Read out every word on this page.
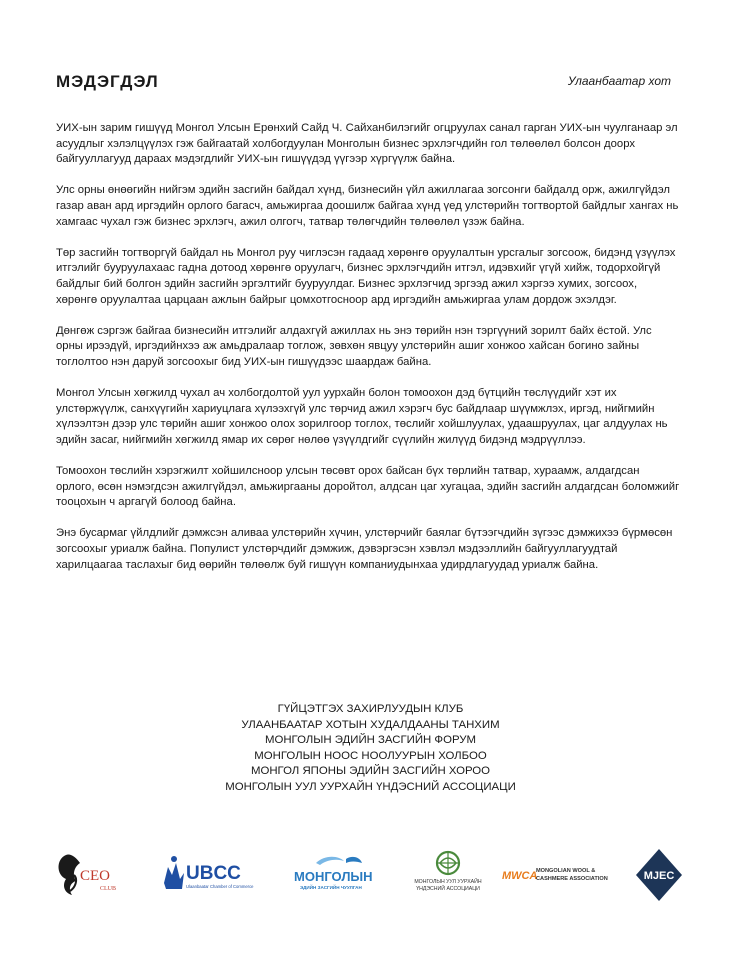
МЭДЭГДЭЛ	Улаанбаатар хот

УИХ-ын зарим гишүүд Монгол Улсын Ерөнхий Сайд Ч. Сайханбилэгийг огцруулах санал гарган УИХ-ын чуулганаар эл асуудлыг хэлэлцүүлэх гэж байгаатай холбогдуулан Монголын бизнес эрхлэгчдийн гол төлөөлөл болсон доорх байгууллагууд дараах мэдэгдлийг УИХ-ын гишүүдэд үүгээр хүргүүлж байна.

Улс орны өнөөгийн нийгэм эдийн засгийн байдал хүнд, бизнесийн үйл ажиллагаа зогсонги байдалд орж, ажилгүйдэл газар аван ард иргэдийн орлого багасч, амьжиргаа доошилж байгаа хүнд үед улстөрийн тогтвортой байдлыг хангах нь хамгаас чухал гэж бизнес эрхлэгч, ажил олгогч, татвар төлөгчдийн төлөөлөл үзэж байна.

Төр засгийн тогтворгүй байдал нь Монгол руу чиглэсэн гадаад хөрөнгө оруулалтын урсгалыг зогсоож, бидэнд үзүүлэх итгэлийг бууруулахаас гадна дотоод хөрөнгө оруулагч, бизнес эрхлэгчдийн итгэл, идэвхийг үгүй хийж, тодорхойгүй байдлыг бий болгон эдийн засгийн эргэлтийг бууруулдаг. Бизнес эрхлэгчид эргээд ажил хэргээ хумих, зогсоох, хөрөнгө оруулалтаа царцаан ажлын байрыг цомхотгосноор ард иргэдийн амьжиргаа улам дордож эхэлдэг.

Дөнгөж сэргэж байгаа бизнесийн итгэлийг алдахгүй ажиллах нь энэ төрийн нэн тэргүүний зорилт байх ёстой. Улс орны ирээдүй, иргэдийнхээ аж амьдралаар тоглож, зөвхөн явцуу улстөрийн ашиг хонжоо хайсан богино зайны тоглолтоо нэн даруй зогсоохыг бид УИХ-ын гишүүдээс шаардаж байна.

Монгол Улсын хөгжилд чухал ач холбогдолтой уул уурхайн болон томоохон дэд бүтцийн төслүүдийг хэт их улстөржүүлж, санхүүгийн хариуцлага хүлээхгүй улс төрчид ажил хэрэгч бус байдлаар шүүмжлэх, иргэд, нийгмийн хүлээлтэн дээр улс төрийн ашиг хонжоо олох зорилгоор тоглох, төслийг хойшлуулах, удаашруулах, цаг алдуулах нь эдийн засаг, нийгмийн хөгжилд ямар их сөрөг нөлөө үзүүлдгийг сүүлийн жилүүд бидэнд мэдрүүллээ.

Томоохон төслийн хэрэгжилт хойшилсноор улсын төсөвт орох байсан бүх төрлийн татвар, хураамж, алдагдсан орлого, өсөн нэмэгдсэн ажилгүйдэл, амьжиргааны доройтол, алдсан цаг хугацаа, эдийн засгийн алдагдсан боломжийг тооцохын ч аргагүй болоод байна.

Энэ бусармаг үйлдлийг дэмжсэн аливаа улстөрийн хүчин, улстөрчийг баялаг бүтээгчдийн зүгээс дэмжихээ бүрмөсөн зогсоохыг уриалж байна. Популист улстөрчдийг дэмжиж, дэвэргэсэн хэвлэл мэдээллийн байгууллагуудтай харилцаагаа таслахыг бид өөрийн төлөөлж буй гишүүн компаниудынхаа удирдлагуудад уриалж байна.

ГҮЙЦЭТГЭХ ЗАХИРЛУУДЫН КЛУБ
УЛААНБААТАР ХОТЫН ХУДАЛДААНЫ ТАНХИМ
МОНГОЛЫН ЭДИЙН ЗАСГИЙН ФОРУМ
МОНГОЛЫН НООС НООЛУУРЫН ХОЛБОО
МОНГОЛ ЯПОНЫ ЭДИЙН ЗАСГИЙН ХОРОО
МОНГОЛЫН УУЛ УУРХАЙН ҮНДЭСНИЙ АССОЦИАЦИ
CEO
CLUB
UBCC
Ulaanbaatar Chamber of Commerce
МОНГОЛЫН
ЭДИЙН ЗАСГИЙН ЧУУЛГАН
МОНГОЛЫН УУЛ УУРХАЙН
ҮНДЭСНИЙ АССОЦИАЦИ
MWCA
MONGOLIAN WOOL &
CASHMERE ASSOCIATION	MJEC
